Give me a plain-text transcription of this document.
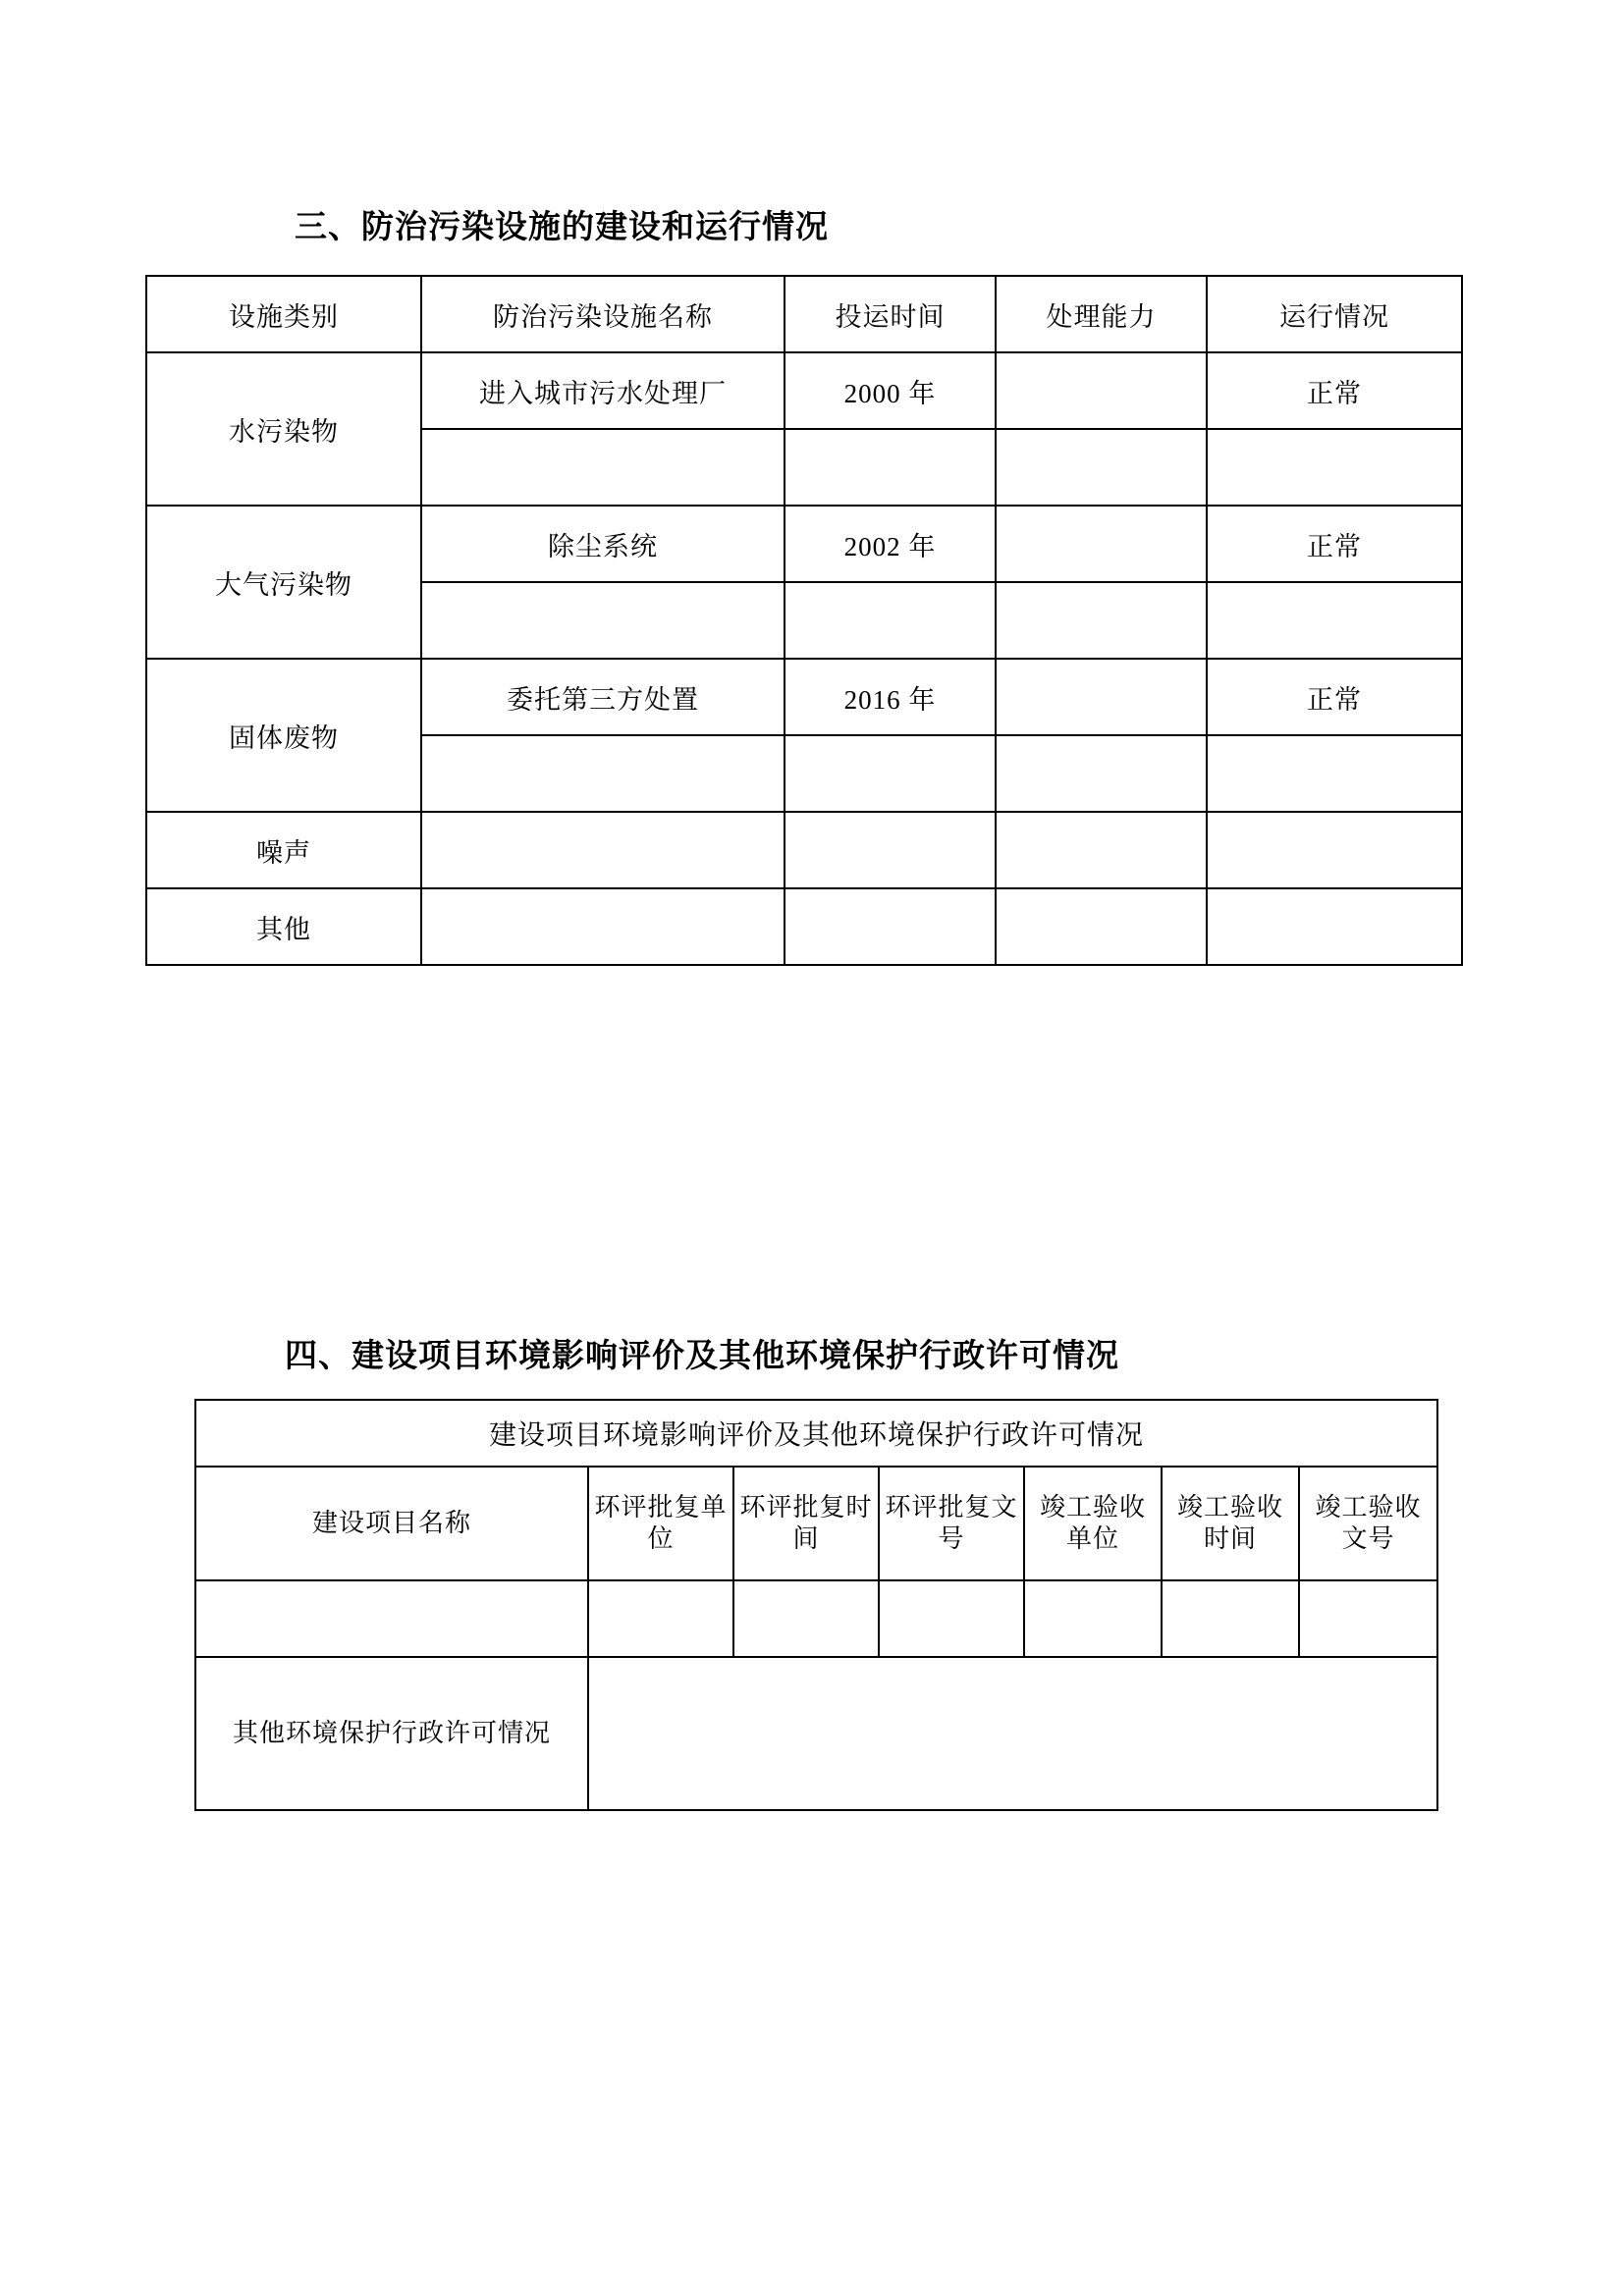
三、防治污染设施的建设和运行情况
设施类别	防治污染设施名称	投运时间	处理能力	运行情况
水污染物	进入城市污水处理厂	2000 年		正常

大气污染物	除尘系统	2002 年		正常

固体废物	委托第三方处置	2016 年		正常

噪声				
其他				
四、建设项目环境影响评价及其他环境保护行政许可情况
建设项目环境影响评价及其他环境保护行政许可情况						
建设项目名称	环评批复单位	环评批复时间	环评批复文号	竣工验收单位	竣工验收时间	竣工验收文号

其他环境保护行政许可情况						
